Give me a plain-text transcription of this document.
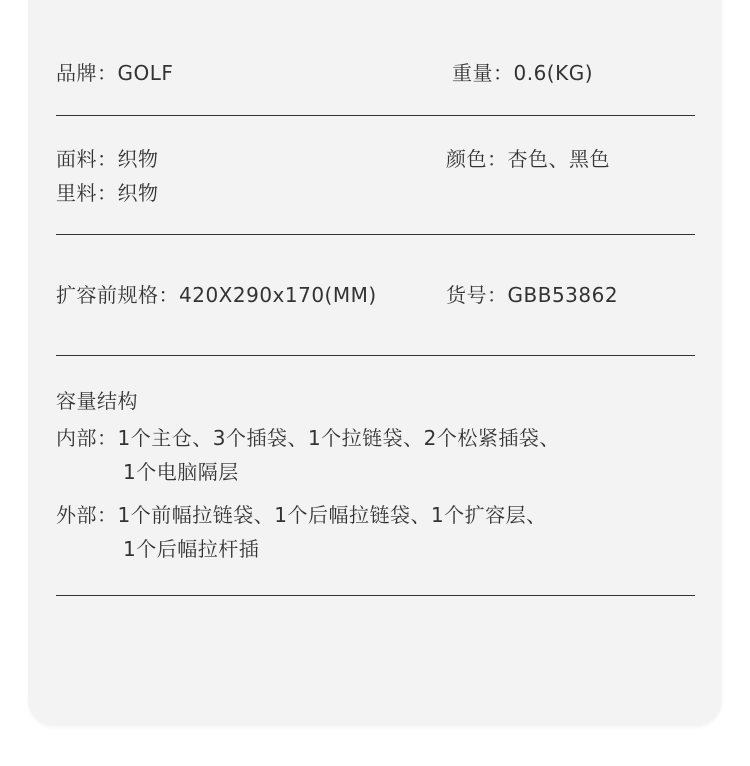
品牌：GOLF	重量：0.6(KG)
面料：织物	颜色：杏色、黑色
里料：织物
扩容前规格：420X290x170(MM)	货号：GBB53862
容量结构
内部：1个主仓、3个插袋、1个拉链袋、2个松紧插袋、
1个电脑隔层
外部：1个前幅拉链袋、1个后幅拉链袋、1个扩容层、
1个后幅拉杆插
